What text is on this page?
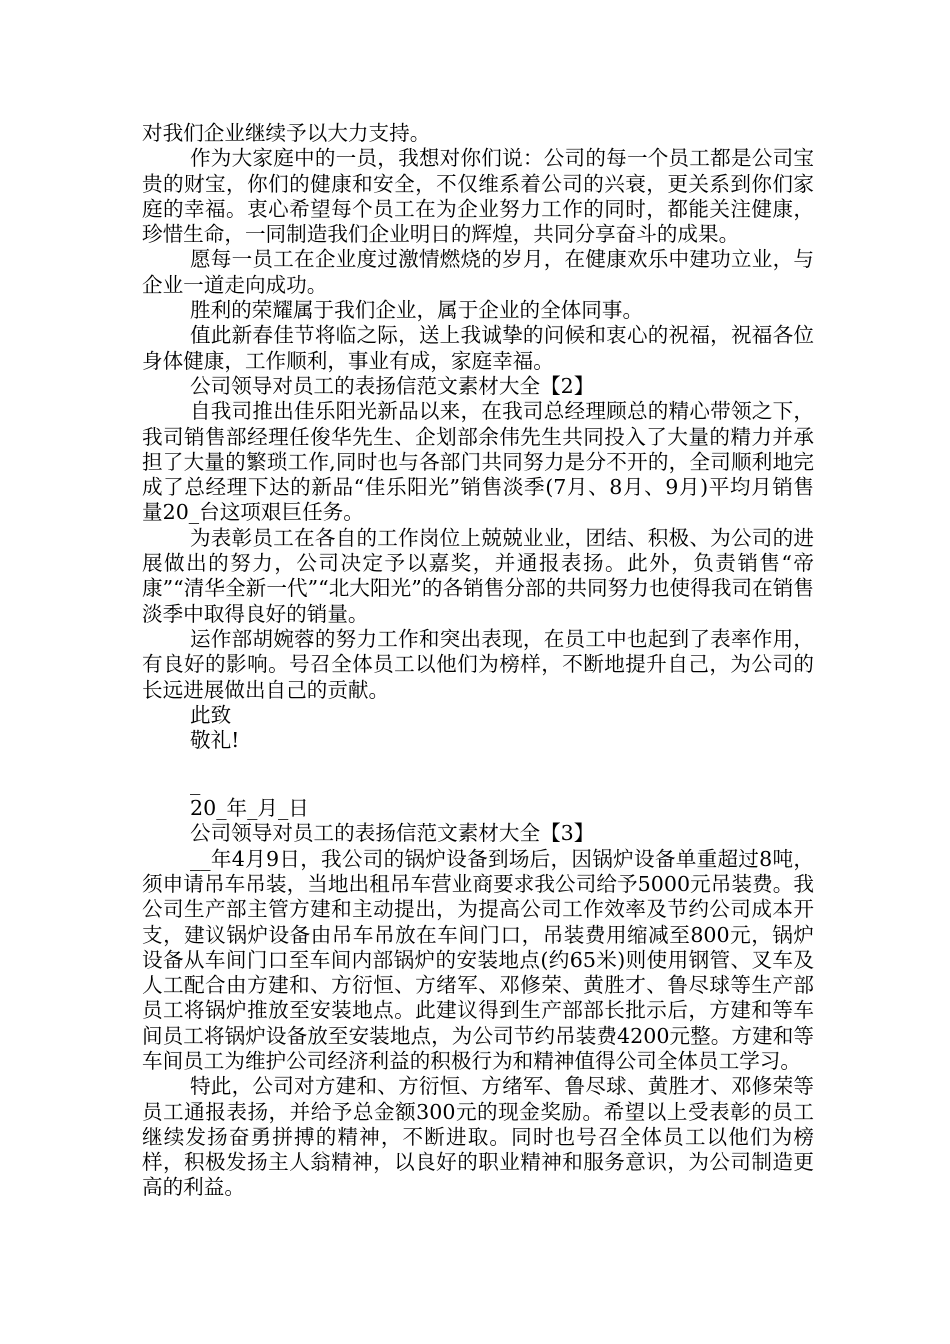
对我们企业继续予以大力支持。

作为大家庭中的一员，我想对你们说：公司的每一个员工都是公司宝贵的财宝，你们的健康和安全，不仅维系着公司的兴衰，更关系到你们家庭的幸福。衷心希望每个员工在为企业努力工作的同时，都能关注健康，珍惜生命，一同制造我们企业明日的辉煌，共同分享奋斗的成果。

愿每一员工在企业度过激情燃烧的岁月，在健康欢乐中建功立业，与企业一道走向成功。

胜利的荣耀属于我们企业，属于企业的全体同事。

值此新春佳节将临之际，送上我诚挚的问候和衷心的祝福，祝福各位身体健康，工作顺利，事业有成，家庭幸福。

公司领导对员工的表扬信范文素材大全【2】

自我司推出佳乐阳光新品以来，在我司总经理顾总的精心带领之下，我司销售部经理任俊华先生、企划部余伟先生共同投入了大量的精力并承担了大量的繁琐工作,同时也与各部门共同努力是分不开的，全司顺利地完成了总经理下达的新品“佳乐阳光”销售淡季(7月、8月、9月)平均月销售量20_台这项艰巨任务。

为表彰员工在各自的工作岗位上兢兢业业，团结、积极、为公司的进展做出的努力，公司决定予以嘉奖，并通报表扬。此外，负责销售“帝康”“清华全新一代”“北大阳光”的各销售分部的共同努力也使得我司在销售淡季中取得良好的销量。

运作部胡婉蓉的努力工作和突出表现，在员工中也起到了表率作用，有良好的影响。号召全体员工以他们为榜样，不断地提升自己，为公司的长远进展做出自己的贡献。

此致

敬礼!

_

20_年_月_日

公司领导对员工的表扬信范文素材大全【3】

__年4月9日，我公司的锅炉设备到场后，因锅炉设备单重超过8吨，须申请吊车吊装，当地出租吊车营业商要求我公司给予5000元吊装费。我公司生产部主管方建和主动提出，为提高公司工作效率及节约公司成本开支，建议锅炉设备由吊车吊放在车间门口，吊装费用缩减至800元，锅炉设备从车间门口至车间内部锅炉的安装地点(约65米)则使用钢管、叉车及人工配合由方建和、方衍恒、方绪军、邓修荣、黄胜才、鲁尽球等生产部员工将锅炉推放至安装地点。此建议得到生产部部长批示后，方建和等车间员工将锅炉设备放至安装地点，为公司节约吊装费4200元整。方建和等车间员工为维护公司经济利益的积极行为和精神值得公司全体员工学习。

特此，公司对方建和、方衍恒、方绪军、鲁尽球、黄胜才、邓修荣等员工通报表扬，并给予总金额300元的现金奖励。希望以上受表彰的员工继续发扬奋勇拼搏的精神，不断进取。同时也号召全体员工以他们为榜样，积极发扬主人翁精神，以良好的职业精神和服务意识，为公司制造更高的利益。
